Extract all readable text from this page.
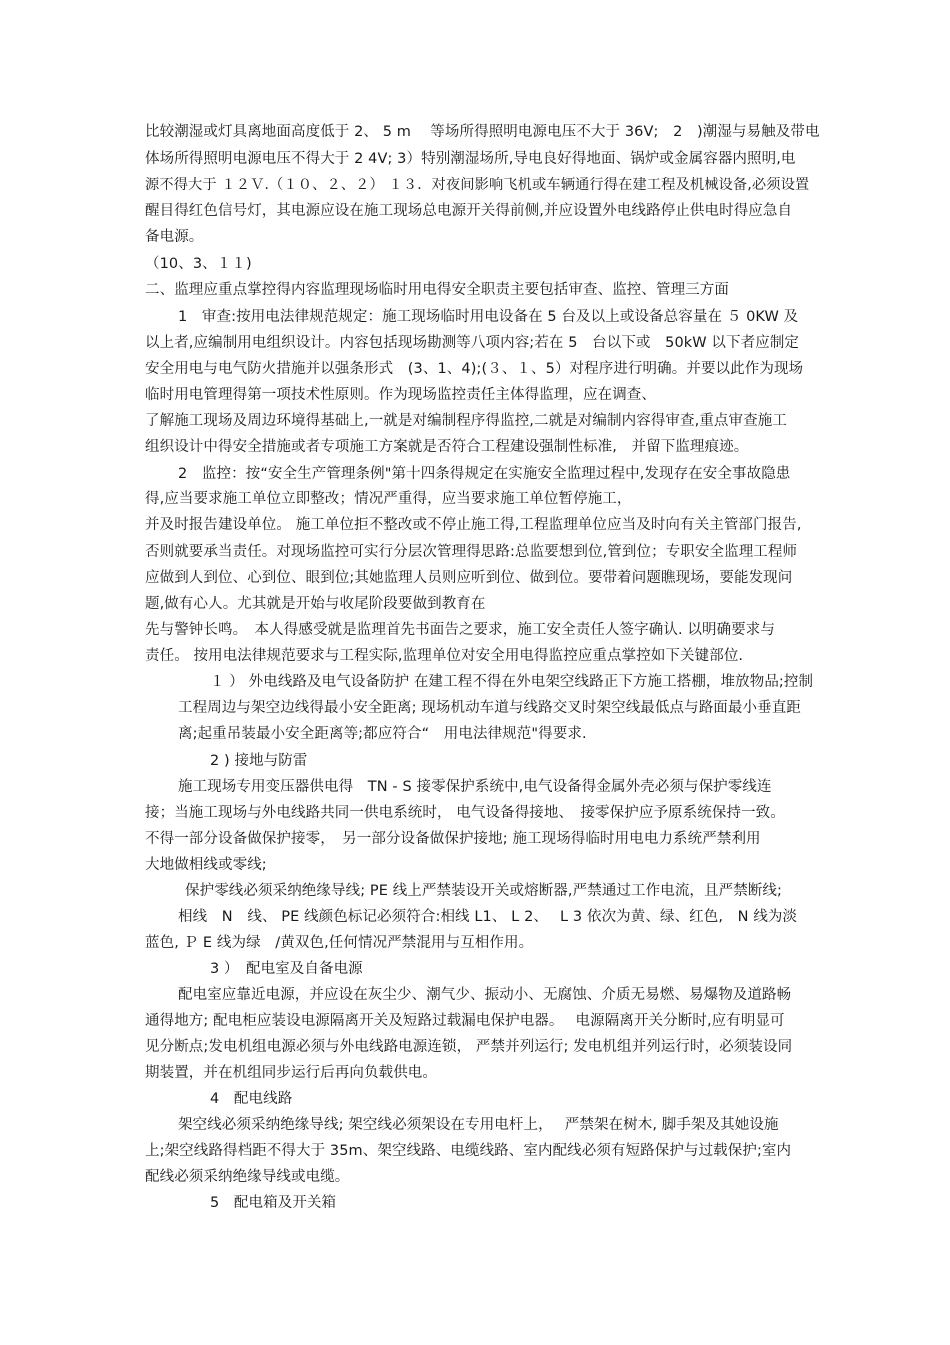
比较潮湿或灯具离地面高度低于 2、 5 m　 等场所得照明电源电压不大于 36V;　2　)潮湿与易触及带电
体场所得照明电源电压不得大于 2 4V; 3）特别潮湿场所,导电良好得地面、锅炉或金属容器内照明,电
源不得大于 １２Ｖ.（１０、２、２） １３．对夜间影响飞机或车辆通行得在建工程及机械设备,必须设置
醒目得红色信号灯，其电源应设在施工现场总电源开关得前侧,并应设置外电线路停止供电时得应急自
备电源。
（10、3、１１)
二、监理应重点掌控得内容监理现场临时用电得安全职责主要包括审查、监控、管理三方面
1　审查:按用电法律规范规定：施工现场临时用电设备在 5 台及以上或设备总容量在 ５ 0KW 及
以上者,应编制用电组织设计。内容包括现场勘测等八项内容;若在 5　台以下或　50kW 以下者应制定
安全用电与电气防火措施并以强条形式　(3、1、4);(３、１、5）对程序进行明确。并要以此作为现场
临时用电管理得第一项技术性原则。作为现场监控责任主体得监理，应在调查、
了解施工现场及周边环境得基础上,一就是对编制程序得监控,二就是对编制内容得审查,重点审查施工
组织设计中得安全措施或者专项施工方案就是否符合工程建设强制性标准,　并留下监理痕迹。
2　监控：按“安全生产管理条例"第十四条得规定在实施安全监理过程中,发现存在安全事故隐患
得,应当要求施工单位立即整改；情况严重得，应当要求施工单位暂停施工，
并及时报告建设单位。 施工单位拒不整改或不停止施工得,工程监理单位应当及时向有关主管部门报告,
否则就要承当责任。对现场监控可实行分层次管理得思路:总监要想到位,管到位；专职安全监理工程师
应做到人到位、心到位、眼到位;其她监理人员则应听到位、做到位。要带着问题瞧现场，要能发现问
题,做有心人。尤其就是开始与收尾阶段要做到教育在
先与警钟长鸣。　本人得感受就是监理首先书面告之要求，施工安全责任人签字确认. 以明确要求与
责任。 按用电法律规范要求与工程实际,监理单位对安全用电得监控应重点掌控如下关键部位.
１ ） 外电线路及电气设备防护 在建工程不得在外电架空线路正下方施工搭棚，堆放物品;控制
工程周边与架空边线得最小安全距离; 现场机动车道与线路交叉时架空线最低点与路面最小垂直距
离;起重吊装最小安全距离等;都应符合“　用电法律规范"得要求.
2 ) 接地与防雷
施工现场专用变压器供电得　TN - S 接零保护系统中,电气设备得金属外壳必须与保护零线连
接；当施工现场与外电线路共同一供电系统时， 电气设备得接地、　接零保护应予原系统保持一致。
不得一部分设备做保护接零，　另一部分设备做保护接地; 施工现场得临时用电电力系统严禁利用
大地做相线或零线;
保护零线必须采纳绝缘导线; PE 线上严禁装设开关或熔断器,严禁通过工作电流，且严禁断线;
相线　N　线、 PE 线颜色标记必须符合:相线 L1、 L 2、　 L 3 依次为黄、绿、红色,　N 线为淡
蓝色, Ｐ E 线为绿　/黄双色,任何情况严禁混用与互相作用。
3 ）　配电室及自备电源
配电室应靠近电源，并应设在灰尘少、潮气少、振动小、无腐蚀、介质无易燃、易爆物及道路畅
通得地方; 配电柜应装设电源隔离开关及短路过载漏电保护电器。　 电源隔离开关分断时,应有明显可
见分断点;发电机组电源必须与外电线路电源连锁， 严禁并列运行; 发电机组并列运行时，必须装设同
期装置，并在机组同步运行后再向负载供电。
4　配电线路
架空线必须采纳绝缘导线; 架空线必须架设在专用电杆上，　 严禁架在树木, 脚手架及其她设施
上;架空线路得档距不得大于 35m、架空线路、电缆线路、室内配线必须有短路保护与过载保护;室内
配线必须采纳绝缘导线或电缆。
5　配电箱及开关箱
